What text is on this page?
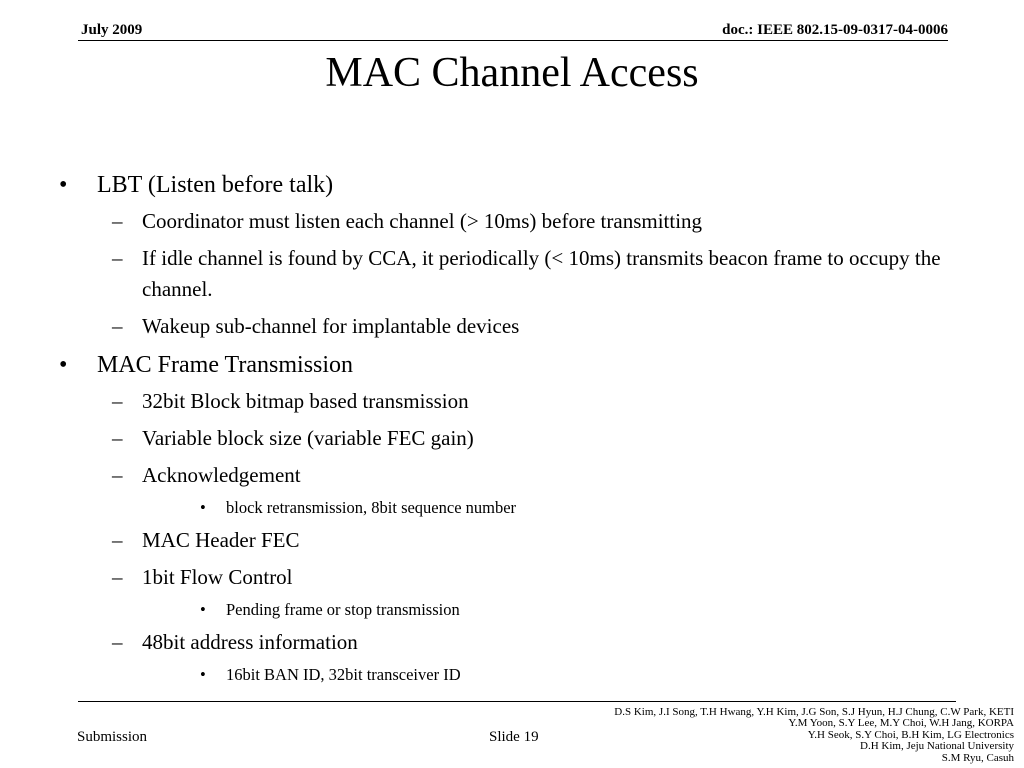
July 2009	doc.: IEEE 802.15-09-0317-04-0006
MAC Channel Access
• LBT (Listen before talk)
– Coordinator must listen each channel (> 10ms) before transmitting
– If idle channel is found by CCA, it periodically (< 10ms) transmits beacon frame to occupy the channel.
– Wakeup sub-channel for implantable devices
• MAC Frame Transmission
– 32bit Block bitmap based transmission
– Variable block size (variable FEC gain)
– Acknowledgement
• block retransmission, 8bit sequence number
– MAC Header FEC
– 1bit Flow Control
• Pending frame or stop transmission
– 48bit address information
• 16bit BAN ID, 32bit transceiver ID
Submission	Slide 19
D.S Kim, J.I Song, T.H Hwang, Y.H Kim, J.G Son, S.J Hyun, H.J Chung, C.W Park, KETI
Y.M Yoon, S.Y Lee, M.Y Choi, W.H Jang, KORPA
Y.H Seok, S.Y Choi, B.H Kim, LG Electronics
D.H Kim, Jeju National University
S.M Ryu, Casuh
